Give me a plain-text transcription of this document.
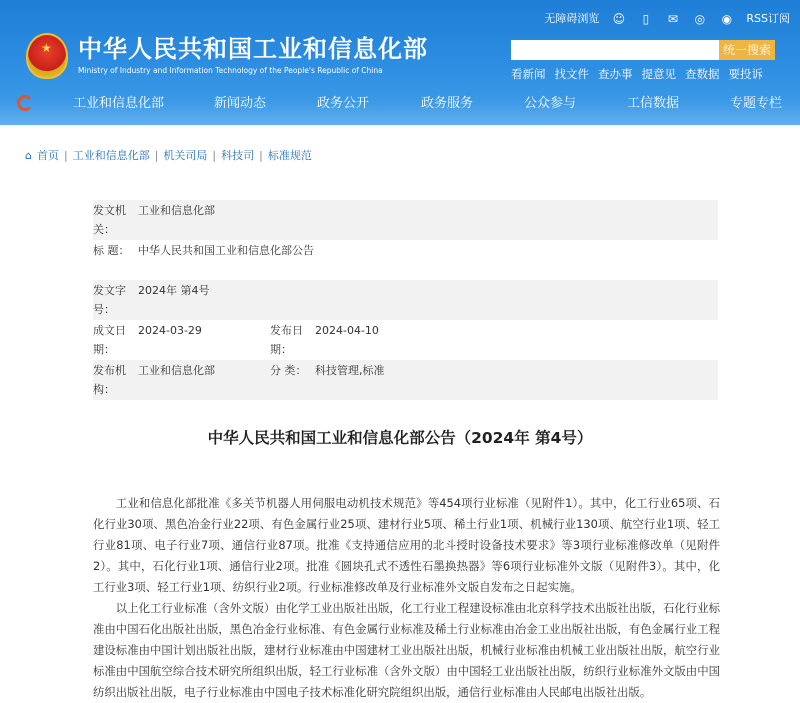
★
中华人民共和国工业和信息化部
Ministry of Industry and Information Technology of the People's Republic of China
无障碍浏览 ☺	▯	✉ ◎ ◉ RSS订阅
统一搜索
看新闻 找文件 查办事 提意见 查数据 要投诉
工业和信息化部	新闻动态	政务公开	政务服务	公众参与	工信数据	专题专栏
⌂ 首页 | 工业和信息化部 | 机关司局 | 科技司 | 标准规范
发文机关：
工业和信息化部
标 题： 中华人民共和国工业和信息化部公告
发文字号：
2024年 第4号
成文日期：
2024-03-29	发布日期：
2024-04-10
发布机构：
工业和信息化部	分 类： 科技管理,标准
中华人民共和国工业和信息化部公告（2024年 第4号）

工业和信息化部批准《多关节机器人用伺服电动机技术规范》等454项行业标准（见附件1）。其中，化工行业65项、石化行业30项、黑色冶金行业22项、有色金属行业25项、建材行业5项、稀土行业1项、机械行业130项、航空行业1项、轻工行业81项、电子行业7项、通信行业87项。批准《支持通信应用的北斗授时设备技术要求》等3项行业标准修改单（见附件2）。其中，石化行业1项、通信行业2项。批准《圆块孔式不透性石墨换热器》等6项行业标准外文版（见附件3）。其中，化工行业3项、轻工行业1项、纺织行业2项。行业标准修改单及行业标准外文版自发布之日起实施。

以上化工行业标准（含外文版）由化学工业出版社出版，化工行业工程建设标准由北京科学技术出版社出版，石化行业标准由中国石化出版社出版，黑色冶金行业标准、有色金属行业标准及稀土行业标准由冶金工业出版社出版，有色金属行业工程建设标准由中国计划出版社出版，建材行业标准由中国建材工业出版社出版，机械行业标准由机械工业出版社出版，航空行业标准由中国航空综合技术研究所组织出版，轻工行业标准（含外文版）由中国轻工业出版社出版，纺织行业标准外文版由中国纺织出版社出版，电子行业标准由中国电子技术标准化研究院组织出版，通信行业标准由人民邮电出版社出版。
